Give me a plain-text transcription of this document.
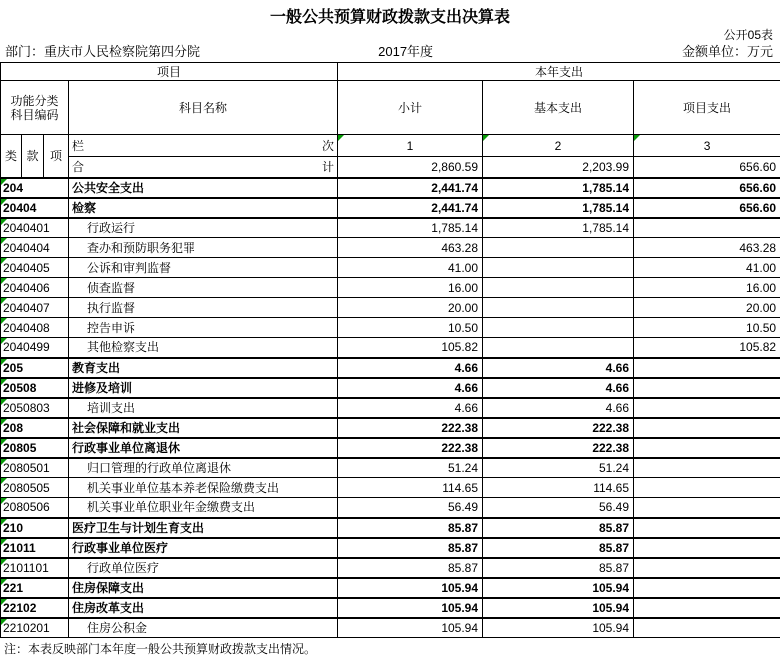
一般公共预算财政拨款支出决算表
公开05表
部门：重庆市人民检察院第四分院	2017年度	金额单位：万元
项目				本年支出		

功能分类
科目编码			科目名称	小计	基本支出	项目支出
类	款	项	栏 次	1	2	3

			合 计	2,860.59	2,203.99	656.60
204			公共安全支出	2,441.74	1,785.14	656.60
20404			检察	2,441.74	1,785.14	656.60
2040401			行政运行	1,785.14	1,785.14	
2040404			查办和预防职务犯罪	463.28		463.28
2040405			公诉和审判监督	41.00		41.00
2040406			侦查监督	16.00		16.00
2040407			执行监督	20.00		20.00
2040408			控告申诉	10.50		10.50
2040499			其他检察支出	105.82		105.82
205			教育支出	4.66	4.66	
20508			进修及培训	4.66	4.66	
2050803			培训支出	4.66	4.66	
208			社会保障和就业支出	222.38	222.38	
20805			行政事业单位离退休	222.38	222.38	
2080501			归口管理的行政单位离退休	51.24	51.24	
2080505			机关事业单位基本养老保险缴费支出	114.65	114.65	
2080506			机关事业单位职业年金缴费支出	56.49	56.49	
210			医疗卫生与计划生育支出	85.87	85.87	
21011			行政事业单位医疗	85.87	85.87	
2101101			行政单位医疗	85.87	85.87	
221			住房保障支出	105.94	105.94	
22102			住房改革支出	105.94	105.94	
2210201			住房公积金	105.94	105.94	
注：本表反映部门本年度一般公共预算财政拨款支出情况。
